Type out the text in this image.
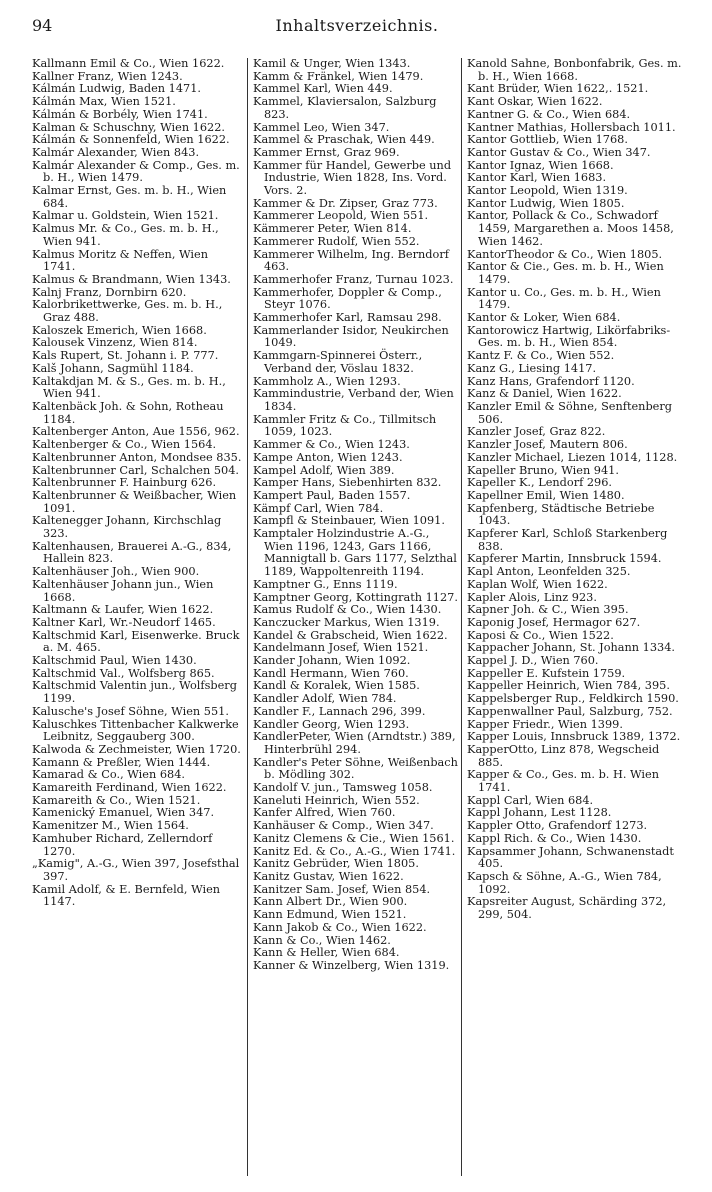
94	Inhaltsverzeichnis.
Kallmann Emil & Co., Wien 1622.
Kallner Franz, Wien 1243.
Kálmán Ludwig, Baden 1471.
Kálmán Max, Wien 1521.
Kálmán & Borbély, Wien 1741.
Kalman & Schuschny, Wien 1622.
Kálmán & Sonnenfeld, Wien 1622.
Kalmár Alexander, Wien 843.
Kalmár Alexander & Comp., Ges. m. b. H., Wien 1479.
Kalmar Ernst, Ges. m. b. H., Wien 684.
Kalmar u. Goldstein, Wien 1521.
Kalmus Mr. & Co., Ges. m. b. H., Wien 941.
Kalmus Moritz & Neffen, Wien 1741.
Kalmus & Brandmann, Wien 1343.
Kalnj Franz, Dornbirn 620.
Kalorbrikettwerke, Ges. m. b. H., Graz 488.
Kaloszek Emerich, Wien 1668.
Kalousek Vinzenz, Wien 814.
Kals Rupert, St. Johann i. P. 777.
Kalš Johann, Sagmühl 1184.
Kaltakdjan M. & S., Ges. m. b. H., Wien 941.
Kaltenbäck Joh. & Sohn, Rotheau 1184.
Kaltenberger Anton, Aue 1556, 962.
Kaltenberger & Co., Wien 1564.
Kaltenbrunner Anton, Mondsee 835.
Kaltenbrunner Carl, Schalchen 504.
Kaltenbrunner F. Hainburg 626.
Kaltenbrunner & Weißbacher, Wien 1091.
Kaltenegger Johann, Kirchschlag 323.
Kaltenhausen, Brauerei A.-G., 834, Hallein 823.
Kaltenhäuser Joh., Wien 900.
Kaltenhäuser Johann jun., Wien 1668.
Kaltmann & Laufer, Wien 1622.
Kaltner Karl, Wr.-Neudorf 1465.
Kaltschmid Karl, Eisenwerke. Bruck a. M. 465.
Kaltschmid Paul, Wien 1430.
Kaltschmid Val., Wolfsberg 865.
Kaltschmid Valentin jun., Wolfsberg 1199.
Kalusche's Josef Söhne, Wien 551.
Kaluschkes Tittenbacher Kalkwerke Leibnitz, Seggauberg 300.
Kalwoda & Zechmeister, Wien 1720.
Kamann & Preßler, Wien 1444.
Kamarad & Co., Wien 684.
Kamareith Ferdinand, Wien 1622.
Kamareith & Co., Wien 1521.
Kamenický Emanuel, Wien 347.
Kamenitzer M., Wien 1564.
Kamhuber Richard, Zellerndorf 1270.
„Kamig", A.-G., Wien 397, Josefsthal 397.
Kamil Adolf, & E. Bernfeld, Wien 1147.
Kamil & Unger, Wien 1343.
Kamm & Fränkel, Wien 1479.
Kammel Karl, Wien 449.
Kammel, Klaviersalon, Salzburg 823.
Kammel Leo, Wien 347.
Kammel & Praschak, Wien 449.
Kammer Ernst, Graz 969.
Kammer für Handel, Gewerbe und Industrie, Wien 1828, Ins. Vord. Vors. 2.
Kammer & Dr. Zipser, Graz 773.
Kammerer Leopold, Wien 551.
Kämmerer Peter, Wien 814.
Kammerer Rudolf, Wien 552.
Kammerer Wilhelm, Ing. Berndorf 463.
Kammerhofer Franz, Turnau 1023.
Kammerhofer, Doppler & Comp., Steyr 1076.
Kammerhofer Karl, Ramsau 298.
Kammerlander Isidor, Neukirchen 1049.
Kammgarn-Spinnerei Österr., Verband der, Vöslau 1832.
Kammholz A., Wien 1293.
Kammindustrie, Verband der, Wien 1834.
Kammler Fritz & Co., Tillmitsch 1059, 1023.
Kammer & Co., Wien 1243.
Kampe Anton, Wien 1243.
Kampel Adolf, Wien 389.
Kamper Hans, Siebenhirten 832.
Kampert Paul, Baden 1557.
Kämpf Carl, Wien 784.
Kampfl & Steinbauer, Wien 1091.
Kamptaler Holzindustrie A.-G., Wien 1196, 1243, Gars 1166, Mannigtall b. Gars 1177, Selzthal 1189, Wappoltenreith 1194.
Kamptner G., Enns 1119.
Kamptner Georg, Kottingrath 1127.
Kamus Rudolf & Co., Wien 1430.
Kanczucker Markus, Wien 1319.
Kandel & Grabscheid, Wien 1622.
Kandelmann Josef, Wien 1521.
Kander Johann, Wien 1092.
Kandl Hermann, Wien 760.
Kandl & Koralek, Wien 1585.
Kandler Adolf, Wien 784.
Kandler F., Lannach 296, 399.
Kandler Georg, Wien 1293.
KandlerPeter, Wien (Arndtstr.) 389, Hinterbrühl 294.
Kandler's Peter Söhne, Weißenbach b. Mödling 302.
Kandolf V. jun., Tamsweg 1058.
Kaneluti Heinrich, Wien 552.
Kanfer Alfred, Wien 760.
Kanhäuser & Comp., Wien 347.
Kanitz Clemens & Cie., Wien 1561.
Kanitz Ed. & Co., A.-G., Wien 1741.
Kanitz Gebrüder, Wien 1805.
Kanitz Gustav, Wien 1622.
Kanitzer Sam. Josef, Wien 854.
Kann Albert Dr., Wien 900.
Kann Edmund, Wien 1521.
Kann Jakob & Co., Wien 1622.
Kann & Co., Wien 1462.
Kann & Heller, Wien 684.
Kanner & Winzelberg, Wien 1319.
Kanold Sahne, Bonbonfabrik, Ges. m. b. H., Wien 1668.
Kant Brüder, Wien 1622,. 1521.
Kant Oskar, Wien 1622.
Kantner G. & Co., Wien 684.
Kantner Mathias, Hollersbach 1011.
Kantor Gottlieb, Wien 1768.
Kantor Gustav & Co., Wien 347.
Kantor Ignaz, Wien 1668.
Kantor Karl, Wien 1683.
Kantor Leopold, Wien 1319.
Kantor Ludwig, Wien 1805.
Kantor, Pollack & Co., Schwadorf 1459, Margarethen a. Moos 1458, Wien 1462.
KantorTheodor & Co., Wien 1805.
Kantor & Cie., Ges. m. b. H., Wien 1479.
Kantor u. Co., Ges. m. b. H., Wien 1479.
Kantor & Loker, Wien 684.
Kantorowicz Hartwig, Likörfabriks-Ges. m. b. H., Wien 854.
Kantz F. & Co., Wien 552.
Kanz G., Liesing 1417.
Kanz Hans, Grafendorf 1120.
Kanz & Daniel, Wien 1622.
Kanzler Emil & Söhne, Senftenberg 506.
Kanzler Josef, Graz 822.
Kanzler Josef, Mautern 806.
Kanzler Michael, Liezen 1014, 1128.
Kapeller Bruno, Wien 941.
Kapeller K., Lendorf 296.
Kapellner Emil, Wien 1480.
Kapfenberg, Städtische Betriebe 1043.
Kapferer Karl, Schloß Starkenberg 838.
Kapferer Martin, Innsbruck 1594.
Kapl Anton, Leonfelden 325.
Kaplan Wolf, Wien 1622.
Kapler Alois, Linz 923.
Kapner Joh. & C., Wien 395.
Kaponig Josef, Hermagor 627.
Kaposi & Co., Wien 1522.
Kappacher Johann, St. Johann 1334.
Kappel J. D., Wien 760.
Kappeller E. Kufstein 1759.
Kappeller Heinrich, Wien 784, 395.
Kappelsberger Rup., Feldkirch 1590.
Kappenwallner Paul, Salzburg, 752.
Kapper Friedr., Wien 1399.
Kapper Louis, Innsbruck 1389, 1372.
KapperOtto, Linz 878, Wegscheid 885.
Kapper & Co., Ges. m. b. H. Wien 1741.
Kappl Carl, Wien 684.
Kappl Johann, Lest 1128.
Kappler Otto, Grafendorf 1273.
Kappl Rich. & Co., Wien 1430.
Kapsammer Johann, Schwanenstadt 405.
Kapsch & Söhne, A.-G., Wien 784, 1092.
Kapsreiter August, Schärding 372, 299, 504.
